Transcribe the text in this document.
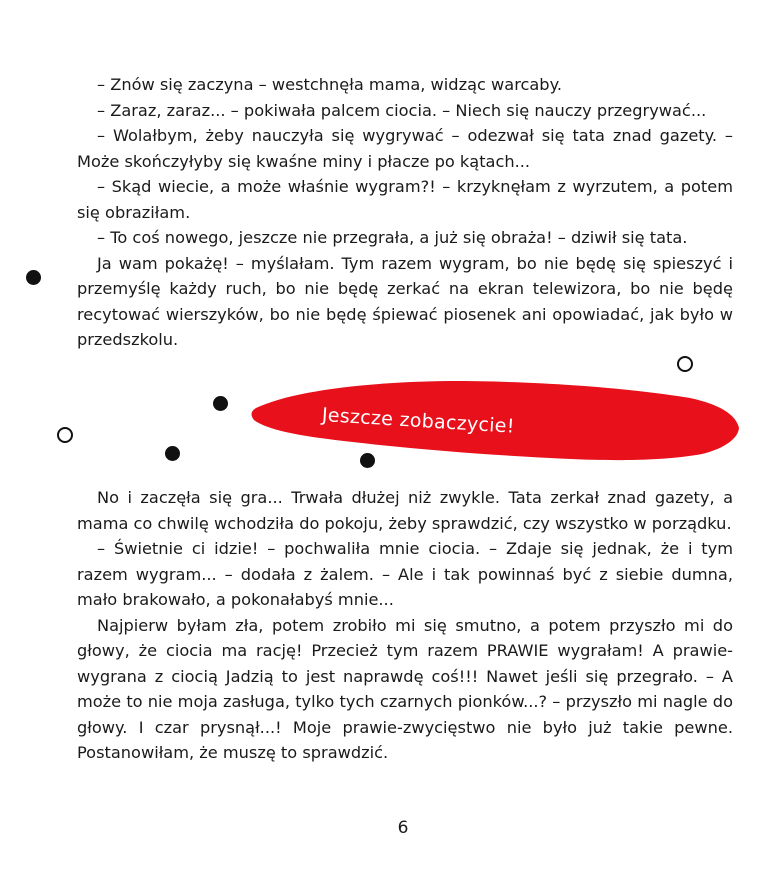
– Znów się zaczyna – westchnęła mama, widząc warcaby.

– Zaraz, zaraz... – pokiwała palcem ciocia. – Niech się nauczy przegrywać...

– Wolałbym, żeby nauczyła się wygrywać – odezwał się tata znad gazety. – Może skończyłyby się kwaśne miny i płacze po kątach...

– Skąd wiecie, a może właśnie wygram?! – krzyknęłam z wyrzutem, a potem się obraziłam.

– To coś nowego, jeszcze nie przegrała, a już się obraża! – dziwił się tata.

Ja wam pokażę! – myślałam. Tym razem wygram, bo nie będę się spieszyć i przemyślę każdy ruch, bo nie będę zerkać na ekran telewizora, bo nie będę recytować wierszyków, bo nie będę śpiewać piosenek ani opowiadać, jak było w przedszkolu.

Jeszcze zobaczycie!

No i zaczęła się gra... Trwała dłużej niż zwykle. Tata zerkał znad gazety, a mama co chwilę wchodziła do pokoju, żeby sprawdzić, czy wszystko w porządku.

– Świetnie ci idzie! – pochwaliła mnie ciocia. – Zdaje się jednak, że i tym razem wygram... – dodała z żalem. – Ale i tak powinnaś być z siebie dumna, mało brakowało, a pokonałabyś mnie...

Najpierw byłam zła, potem zrobiło mi się smutno, a potem przyszło mi do głowy, że ciocia ma rację! Przecież tym razem PRAWIE wygrałam! A prawie-wygrana z ciocią Jadzią to jest naprawdę coś!!! Nawet jeśli się przegrało. – A może to nie moja zasługa, tylko tych czarnych pionków...? – przyszło mi nagle do głowy. I czar prysnął...! Moje prawie-zwycięstwo nie było już takie pewne. Postanowiłam, że muszę to sprawdzić.

6
